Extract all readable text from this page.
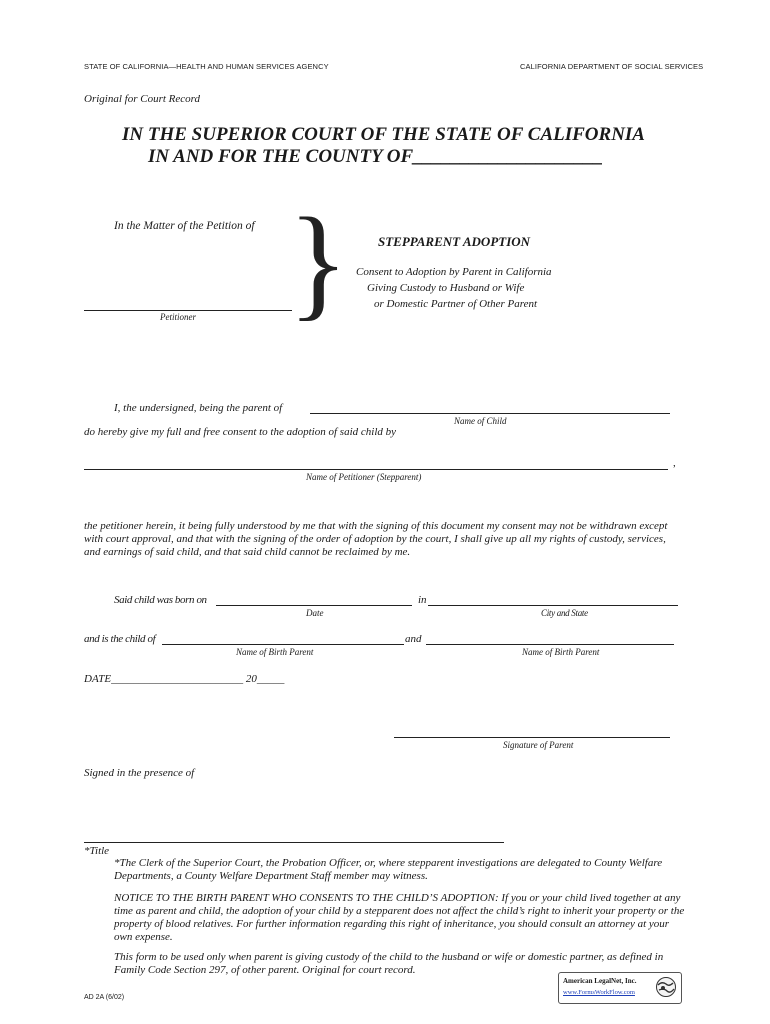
STATE OF CALIFORNIA—HEALTH AND HUMAN SERVICES AGENCY	CALIFORNIA DEPARTMENT OF SOCIAL SERVICES
Original for Court Record
IN THE SUPERIOR COURT OF THE STATE OF CALIFORNIA
IN AND FOR THE COUNTY OF____________________
In the Matter of the Petition of
Petitioner } STEPPARENT ADOPTION
Consent to Adoption by Parent in California
Giving Custody to Husband or Wife
or Domestic Partner of Other Parent
I, the undersigned, being the parent of
Name of Child
do hereby give my full and free consent to the adoption of said child by
,
Name of Petitioner (Stepparent)
the petitioner herein, it being fully understood by me that with the signing of this document my consent may not be withdrawn except with court approval, and that with the signing of the order of adoption by the court, I shall give up all my rights of custody, services, and earnings of said child, and that said child cannot be reclaimed by me.
Said child was born on	in
Date	City and State
and is the child of	and
Name of Birth Parent	Name of Birth Parent
DATE________________________ 20_____
Signature of Parent
Signed in the presence of
*Title
*The Clerk of the Superior Court, the Probation Officer, or, where stepparent investigations are delegated to County Welfare Departments, a County Welfare Department Staff member may witness.
NOTICE TO THE BIRTH PARENT WHO CONSENTS TO THE CHILD’S ADOPTION: If you or your child lived together at any time as parent and child, the adoption of your child by a stepparent does not affect the child’s right to inherit your property or the property of blood relatives. For further information regarding this right of inheritance, you should consult an attorney at your own expense.
This form to be used only when parent is giving custody of the child to the husband or wife or domestic partner, as defined in Family Code Section 297, of other parent. Original for court record.
AD 2A (6/02)
American LegalNet, Inc.
www.FormsWorkFlow.com
